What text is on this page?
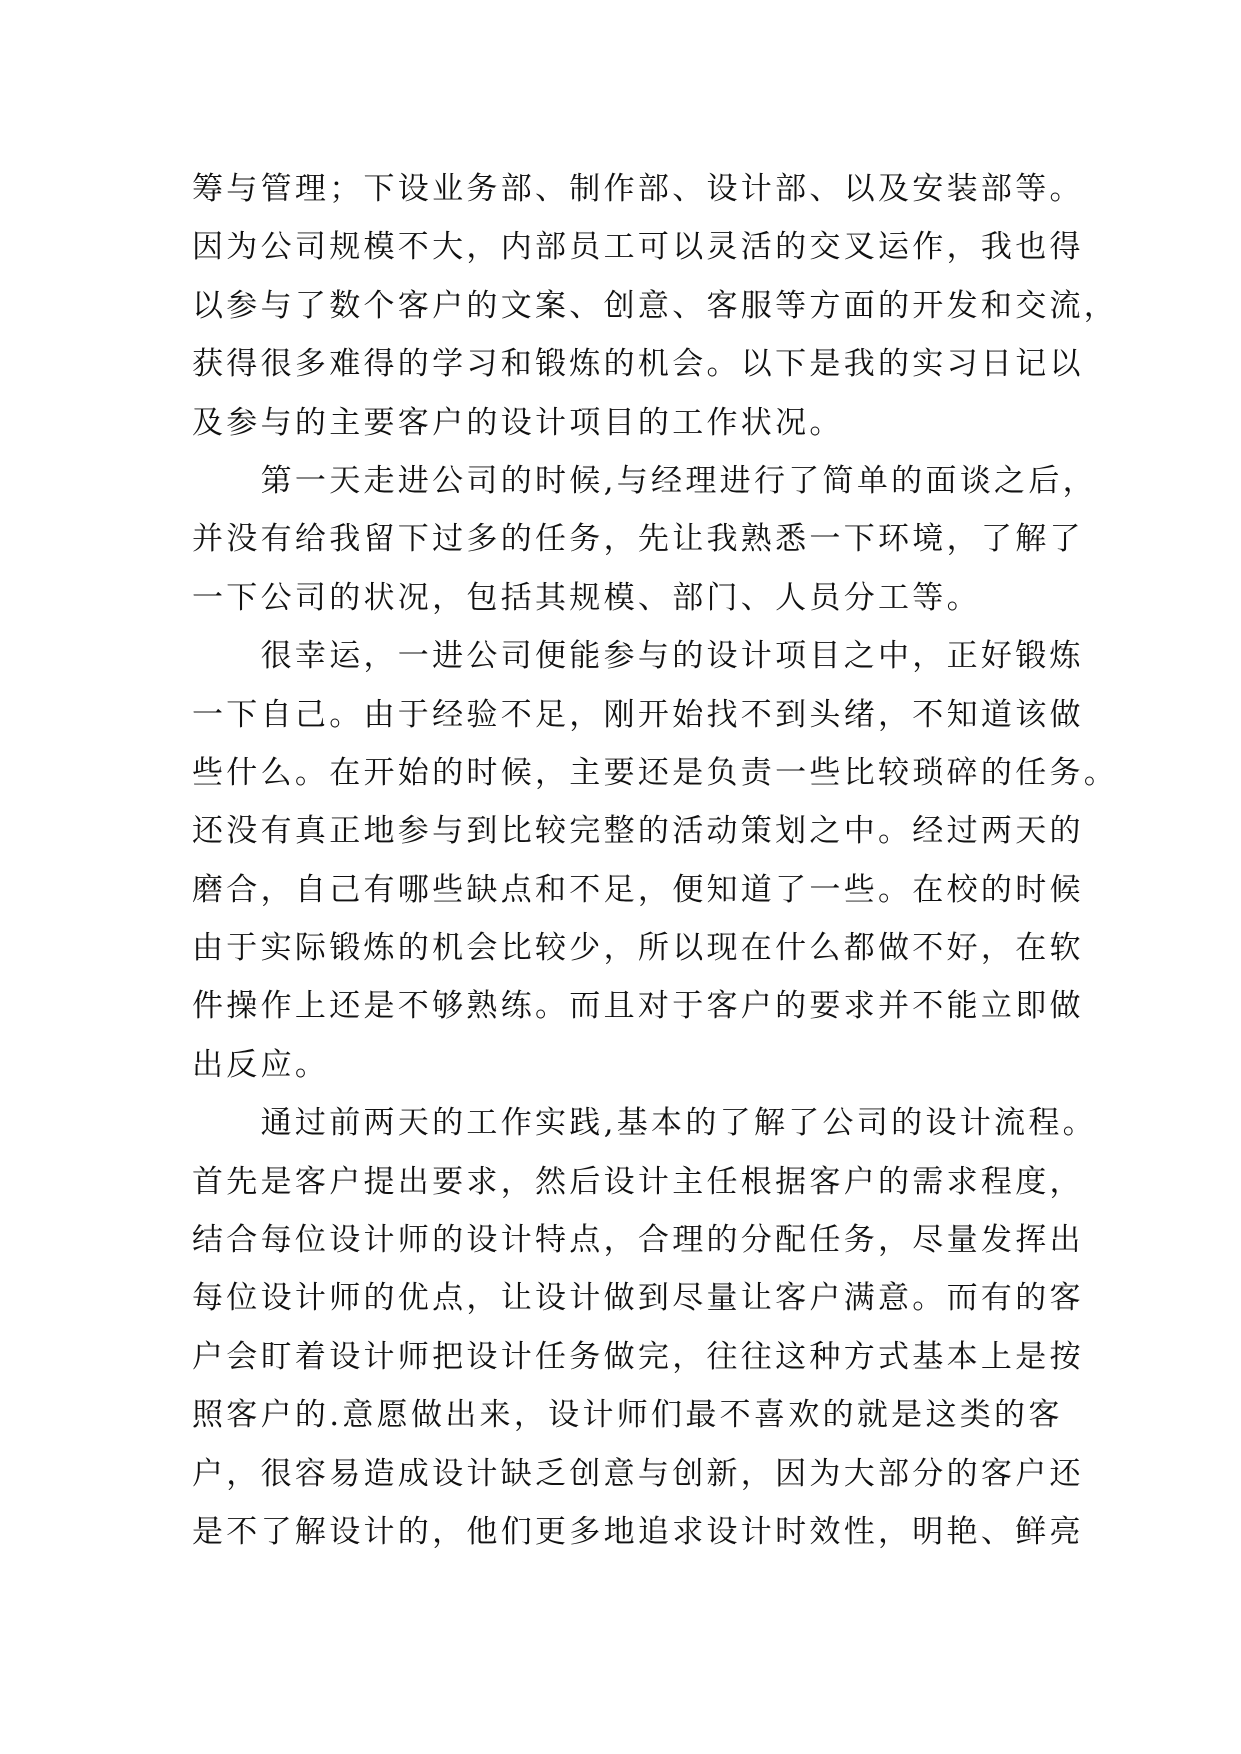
筹与管理；下设业务部、制作部、设计部、以及安装部等。
因为公司规模不大，内部员工可以灵活的交叉运作，我也得
以参与了数个客户的文案、创意、客服等方面的开发和交流，
获得很多难得的学习和锻炼的机会。以下是我的实习日记以
及参与的主要客户的设计项目的工作状况。
　　第一天走进公司的时候,与经理进行了简单的面谈之后，
并没有给我留下过多的任务，先让我熟悉一下环境，了解了
一下公司的状况，包括其规模、部门、人员分工等。
　　很幸运，一进公司便能参与的设计项目之中，正好锻炼
一下自己。由于经验不足，刚开始找不到头绪，不知道该做
些什么。在开始的时候，主要还是负责一些比较琐碎的任务。
还没有真正地参与到比较完整的活动策划之中。经过两天的
磨合，自己有哪些缺点和不足，便知道了一些。在校的时候
由于实际锻炼的机会比较少，所以现在什么都做不好，在软
件操作上还是不够熟练。而且对于客户的要求并不能立即做
出反应。
　　通过前两天的工作实践,基本的了解了公司的设计流程。
首先是客户提出要求，然后设计主任根据客户的需求程度，
结合每位设计师的设计特点，合理的分配任务，尽量发挥出
每位设计师的优点，让设计做到尽量让客户满意。而有的客
户会盯着设计师把设计任务做完，往往这种方式基本上是按
照客户的.意愿做出来，设计师们最不喜欢的就是这类的客
户，很容易造成设计缺乏创意与创新，因为大部分的客户还
是不了解设计的，他们更多地追求设计时效性，明艳、鲜亮
